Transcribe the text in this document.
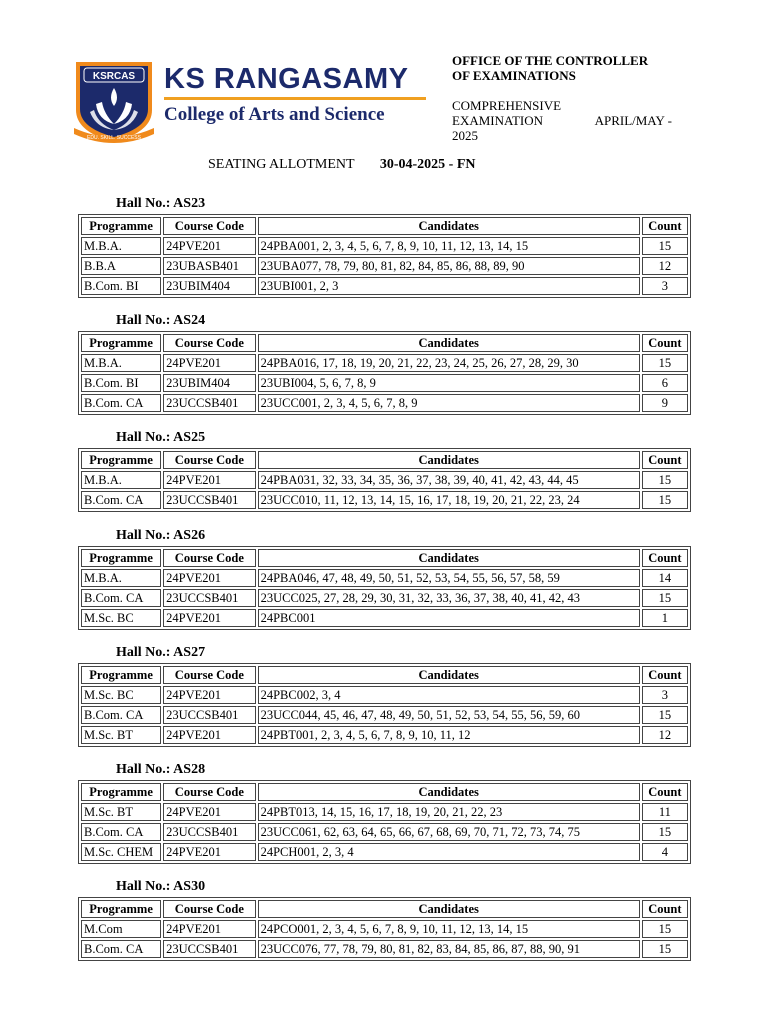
KSRCAS
EDU. SKILL. SUCCESS
KS RANGASAMY
College of Arts and Science
OFFICE OF THE CONTROLLER
OF EXAMINATIONS
COMPREHENSIVE
EXAMINATION	APRIL/MAY -
2025
SEATING ALLOTMENT 30-04-2025 - FN
Hall No.: AS23
Programme	Course Code	Candidates	Count
M.B.A.	24PVE201	24PBA001, 2, 3, 4, 5, 6, 7, 8, 9, 10, 11, 12, 13, 14, 15	15
B.B.A	23UBASB401	23UBA077, 78, 79, 80, 81, 82, 84, 85, 86, 88, 89, 90	12
B.Com. BI	23UBIM404	23UBI001, 2, 3	3
Hall No.: AS24
Programme	Course Code	Candidates	Count
M.B.A.	24PVE201	24PBA016, 17, 18, 19, 20, 21, 22, 23, 24, 25, 26, 27, 28, 29, 30	15
B.Com. BI	23UBIM404	23UBI004, 5, 6, 7, 8, 9	6
B.Com. CA	23UCCSB401	23UCC001, 2, 3, 4, 5, 6, 7, 8, 9	9
Hall No.: AS25
Programme	Course Code	Candidates	Count
M.B.A.	24PVE201	24PBA031, 32, 33, 34, 35, 36, 37, 38, 39, 40, 41, 42, 43, 44, 45	15
B.Com. CA	23UCCSB401	23UCC010, 11, 12, 13, 14, 15, 16, 17, 18, 19, 20, 21, 22, 23, 24	15
Hall No.: AS26
Programme	Course Code	Candidates	Count
M.B.A.	24PVE201	24PBA046, 47, 48, 49, 50, 51, 52, 53, 54, 55, 56, 57, 58, 59	14
B.Com. CA	23UCCSB401	23UCC025, 27, 28, 29, 30, 31, 32, 33, 36, 37, 38, 40, 41, 42, 43	15
M.Sc. BC	24PVE201	24PBC001	1
Hall No.: AS27
Programme	Course Code	Candidates	Count
M.Sc. BC	24PVE201	24PBC002, 3, 4	3
B.Com. CA	23UCCSB401	23UCC044, 45, 46, 47, 48, 49, 50, 51, 52, 53, 54, 55, 56, 59, 60	15
M.Sc. BT	24PVE201	24PBT001, 2, 3, 4, 5, 6, 7, 8, 9, 10, 11, 12	12
Hall No.: AS28
Programme	Course Code	Candidates	Count
M.Sc. BT	24PVE201	24PBT013, 14, 15, 16, 17, 18, 19, 20, 21, 22, 23	11
B.Com. CA	23UCCSB401	23UCC061, 62, 63, 64, 65, 66, 67, 68, 69, 70, 71, 72, 73, 74, 75	15
M.Sc. CHEM	24PVE201	24PCH001, 2, 3, 4	4
Hall No.: AS30
Programme	Course Code	Candidates	Count
M.Com	24PVE201	24PCO001, 2, 3, 4, 5, 6, 7, 8, 9, 10, 11, 12, 13, 14, 15	15
B.Com. CA	23UCCSB401	23UCC076, 77, 78, 79, 80, 81, 82, 83, 84, 85, 86, 87, 88, 90, 91	15
